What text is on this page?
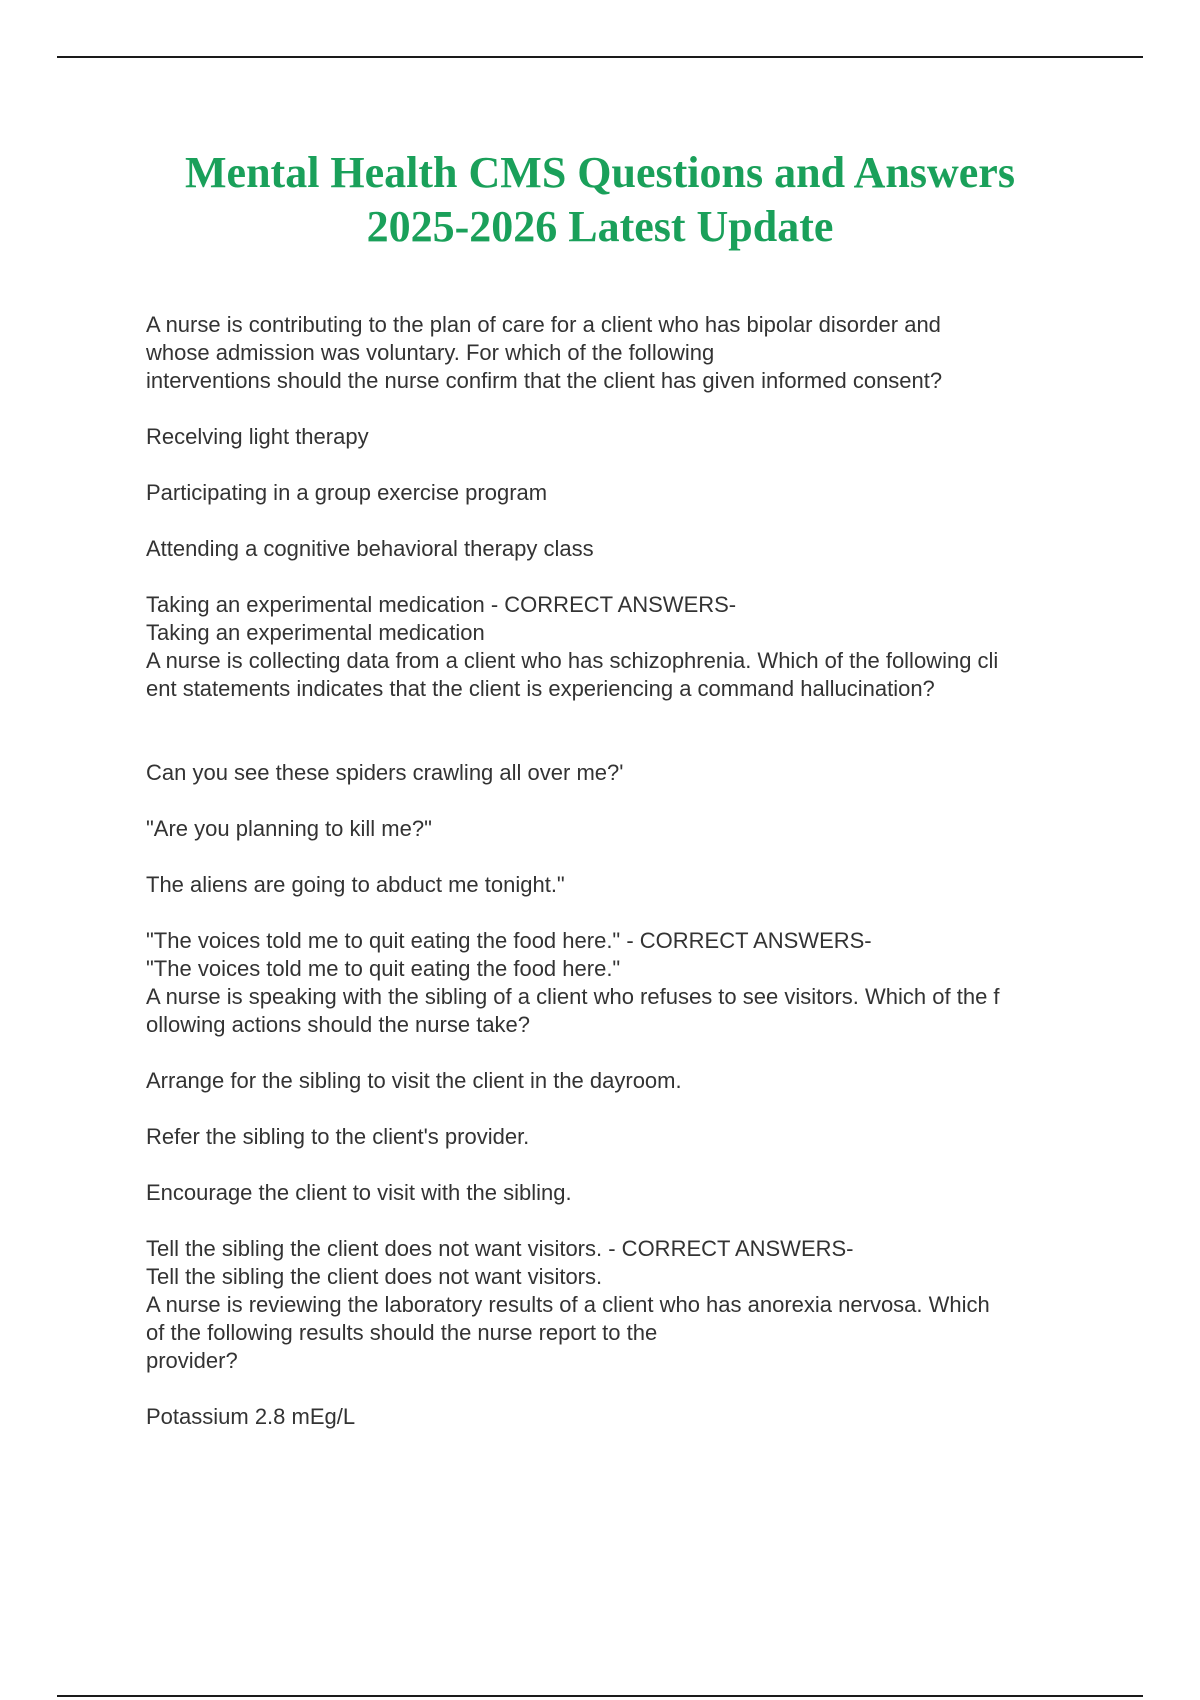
Mental Health CMS Questions and Answers
2025-2026 Latest Update
A nurse is contributing to the plan of care for a client who has bipolar disorder and
whose admission was voluntary. For which of the following
interventions should the nurse confirm that the client has given informed consent?
Recelving light therapy
Participating in a group exercise program
Attending a cognitive behavioral therapy class
Taking an experimental medication - CORRECT ANSWERS-
Taking an experimental medication
A nurse is collecting data from a client who has schizophrenia. Which of the following cli
ent statements indicates that the client is experiencing a command hallucination?
Can you see these spiders crawling all over me?'
"Are you planning to kill me?"
The aliens are going to abduct me tonight."
"The voices told me to quit eating the food here." - CORRECT ANSWERS-
"The voices told me to quit eating the food here."
A nurse is speaking with the sibling of a client who refuses to see visitors. Which of the f
ollowing actions should the nurse take?
Arrange for the sibling to visit the client in the dayroom.
Refer the sibling to the client's provider.
Encourage the client to visit with the sibling.
Tell the sibling the client does not want visitors. - CORRECT ANSWERS-
Tell the sibling the client does not want visitors.
A nurse is reviewing the laboratory results of a client who has anorexia nervosa. Which
of the following results should the nurse report to the
provider?
Potassium 2.8 mEg/L
